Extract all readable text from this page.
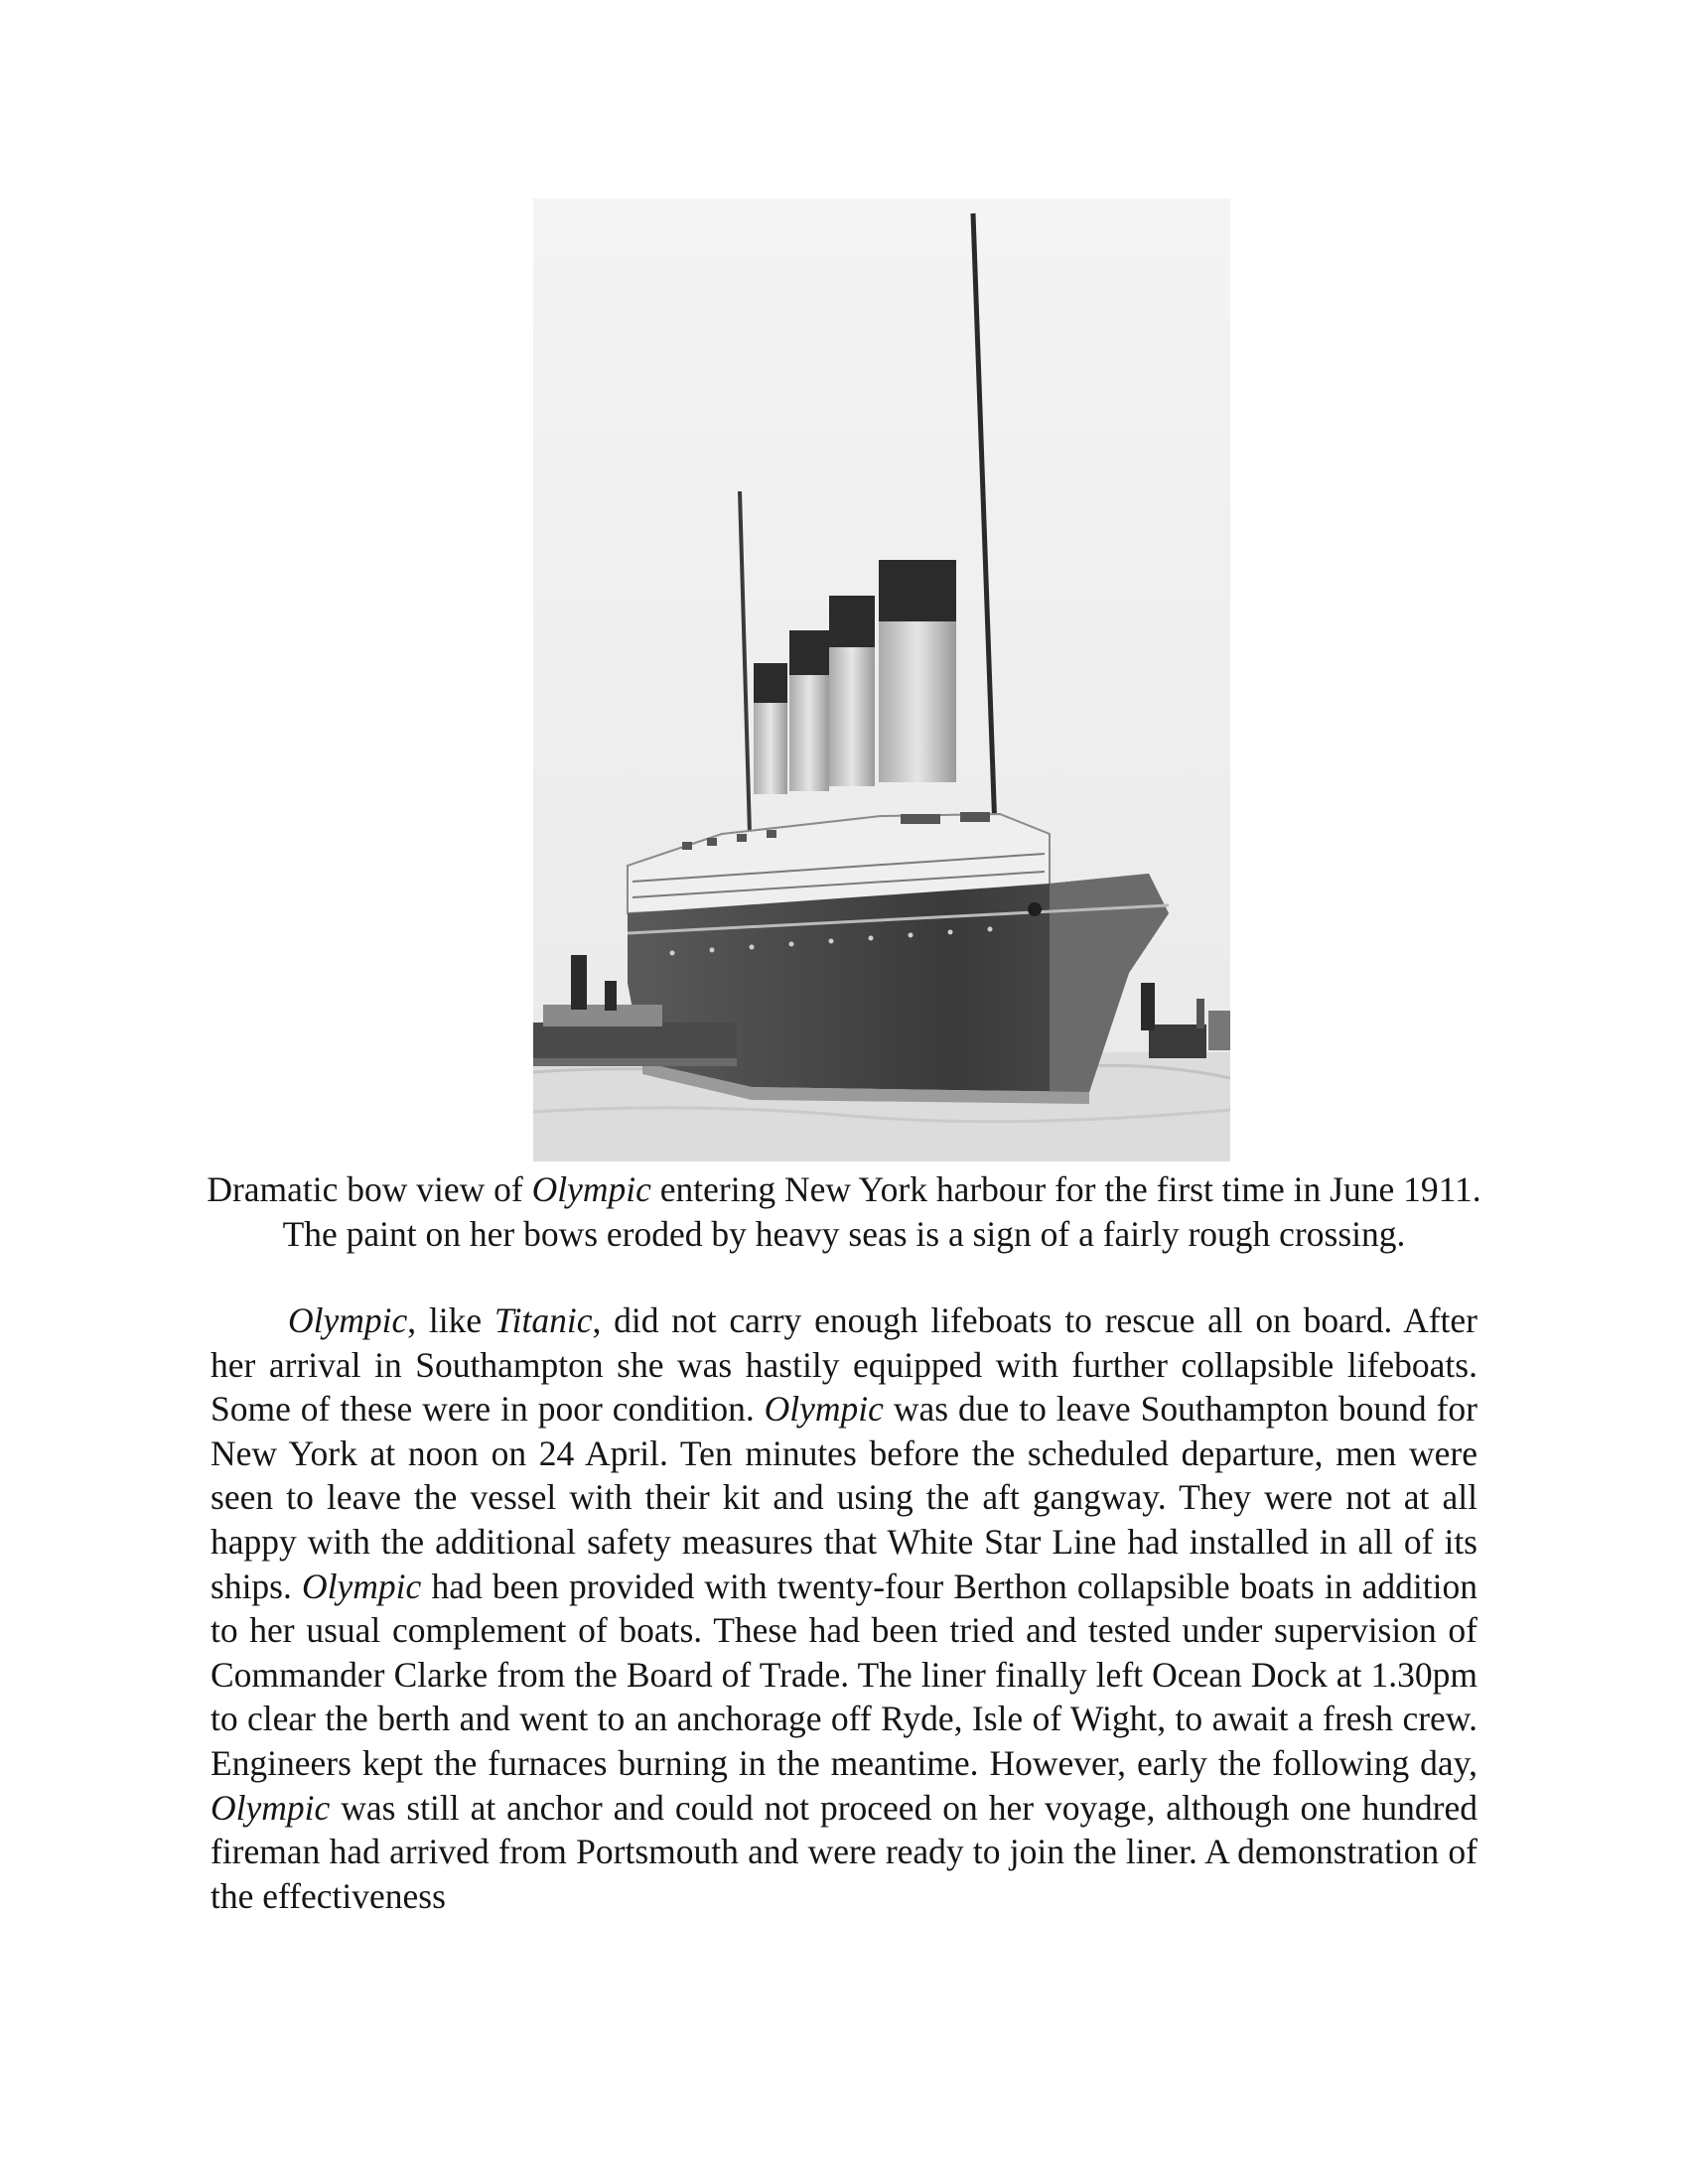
Dramatic bow view of Olympic entering New York harbour for the first time in June 1911. The paint on her bows eroded by heavy seas is a sign of a fairly rough crossing.

Olympic, like Titanic, did not carry enough lifeboats to rescue all on board. After her arrival in Southampton she was hastily equipped with further collapsible lifeboats. Some of these were in poor condition. Olympic was due to leave Southampton bound for New York at noon on 24 April. Ten minutes before the scheduled departure, men were seen to leave the vessel with their kit and using the aft gangway. They were not at all happy with the additional safety measures that White Star Line had installed in all of its ships. Olympic had been provided with twenty-four Berthon collapsible boats in addition to her usual complement of boats. These had been tried and tested under supervision of Commander Clarke from the Board of Trade. The liner finally left Ocean Dock at 1.30pm to clear the berth and went to an anchorage off Ryde, Isle of Wight, to await a fresh crew. Engineers kept the furnaces burning in the meantime. However, early the following day, Olympic was still at anchor and could not proceed on her voyage, although one hundred fireman had arrived from Portsmouth and were ready to join the liner. A demonstration of the effectiveness
